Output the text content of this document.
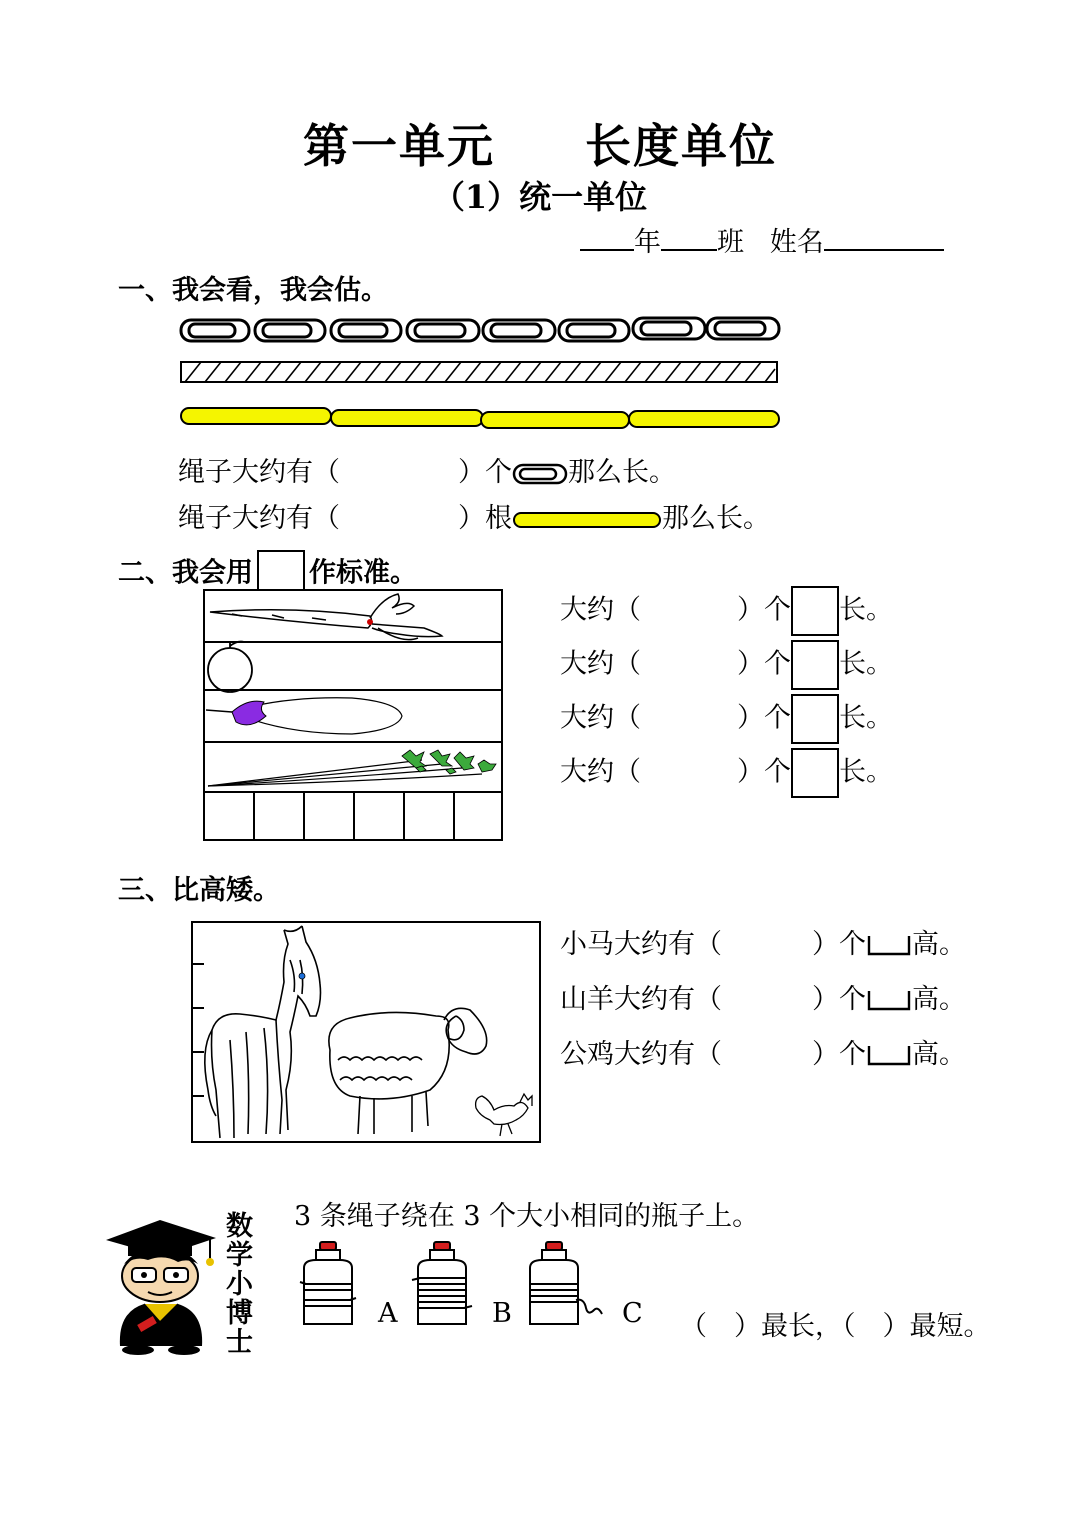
第一单元 长度单位
（1）统一单位
年 班 姓名
一、我会看，我会估。
绳子大约有（	）个 那么长。
绳子大约有（	）根	那么长。
二、我会用 作标准。
大约（	）个 长。
大约（	）个 长。
大约（	）个 长。
大约（	）个 长。
三、比高矮。
小马大约有（	）个 高。
山羊大约有（	）个 高。
公鸡大约有（	）个 高。
数
学
小
博
士
3 条绳子绕在 3 个大小相同的瓶子上。
A	B	C （　）最长，（　）最短。
